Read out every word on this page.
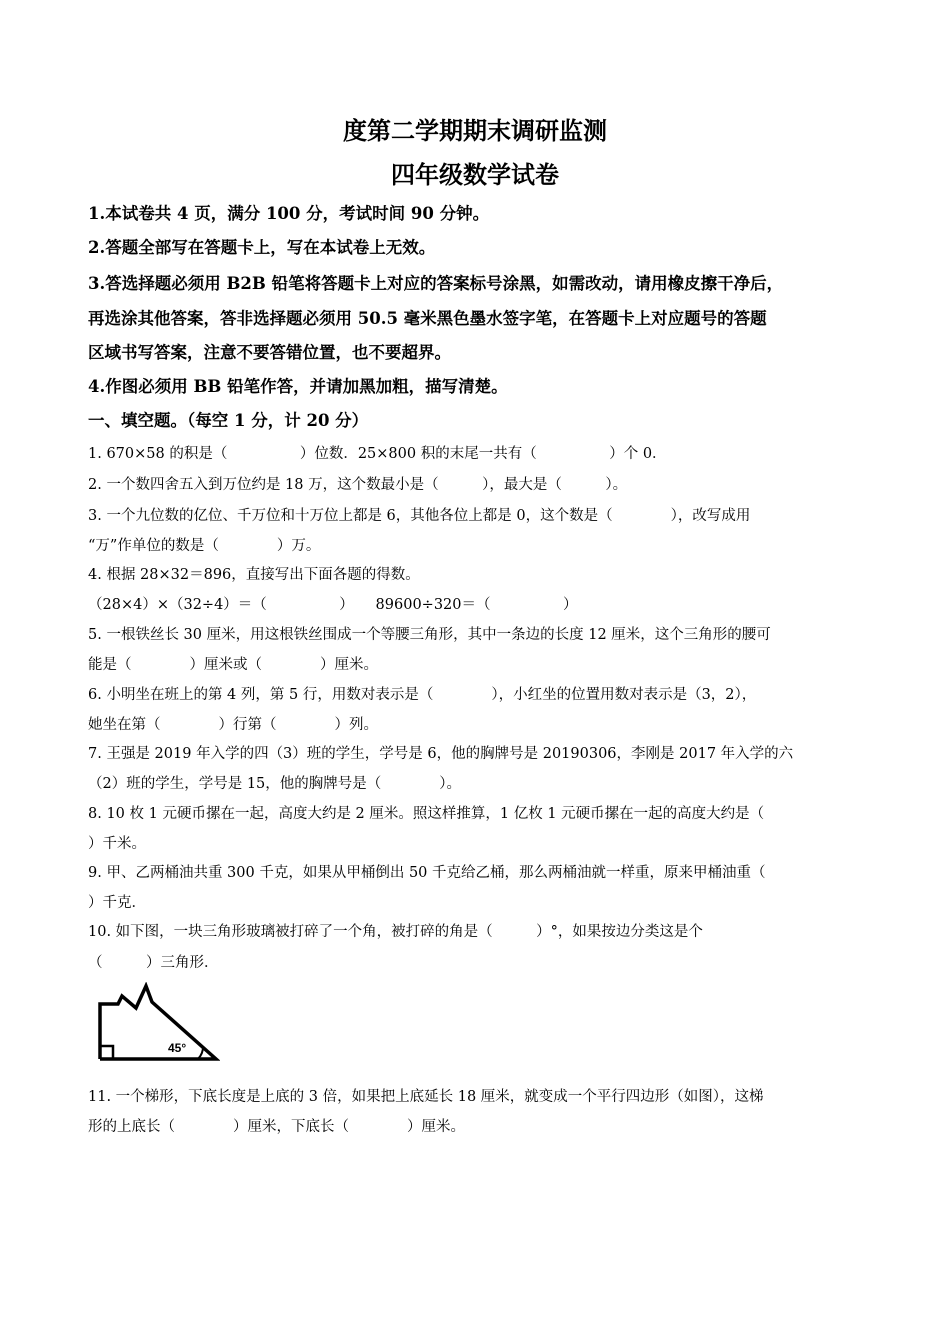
度第二学期期末调研监测
四年级数学试卷
1.本试卷共 4 页，满分 100 分，考试时间 90 分钟。
2.答题全部写在答题卡上，写在本试卷上无效。
3.答选择题必须用 B2B 铅笔将答题卡上对应的答案标号涂黑，如需改动，请用橡皮擦干净后，
再选涂其他答案，答非选择题必须用 50.5 毫米黑色墨水签字笔，在答题卡上对应题号的答题
区域书写答案，注意不要答错位置，也不要超界。
4.作图必须用 BB 铅笔作答，并请加黑加粗，描写清楚。
一、填空题。（每空 1 分，计 20 分）
1. 670×58 的积是（　　　　　）位数．25×800 积的末尾一共有（　　　　　）个 0．
2. 一个数四舍五入到万位约是 18 万，这个数最小是（　　　），最大是（　　　）。
3. 一个九位数的亿位、千万位和十万位上都是 6，其他各位上都是 0，这个数是（　　　　），改写成用
“万”作单位的数是（　　　　）万。
4. 根据 28×32＝896，直接写出下面各题的得数。
（28×4）×（32÷4）＝（　　　　　）　　89600÷320＝（　　　　　）
5. 一根铁丝长 30 厘米，用这根铁丝围成一个等腰三角形，其中一条边的长度 12 厘米，这个三角形的腰可
能是（　　　　）厘米或（　　　　）厘米。
6. 小明坐在班上的第 4 列，第 5 行，用数对表示是（　　　　），小红坐的位置用数对表示是（3，2），
她坐在第（　　　　）行第（　　　　）列。
7. 王强是 2019 年入学的四（3）班的学生，学号是 6，他的胸牌号是 20190306，李刚是 2017 年入学的六
（2）班的学生，学号是 15，他的胸牌号是（　　　　）。
8. 10 枚 1 元硬币摞在一起，高度大约是 2 厘米。照这样推算，1 亿枚 1 元硬币摞在一起的高度大约是（
）千米。
9. 甲、乙两桶油共重 300 千克，如果从甲桶倒出 50 千克给乙桶，那么两桶油就一样重，原来甲桶油重（
）千克．
10. 如下图，一块三角形玻璃被打碎了一个角，被打碎的角是（　　　）°，如果按边分类这是个
（　　　）三角形．
45°
11. 一个梯形，下底长度是上底的 3 倍，如果把上底延长 18 厘米，就变成一个平行四边形（如图），这梯
形的上底长（　　　　）厘米，下底长（　　　　）厘米。
